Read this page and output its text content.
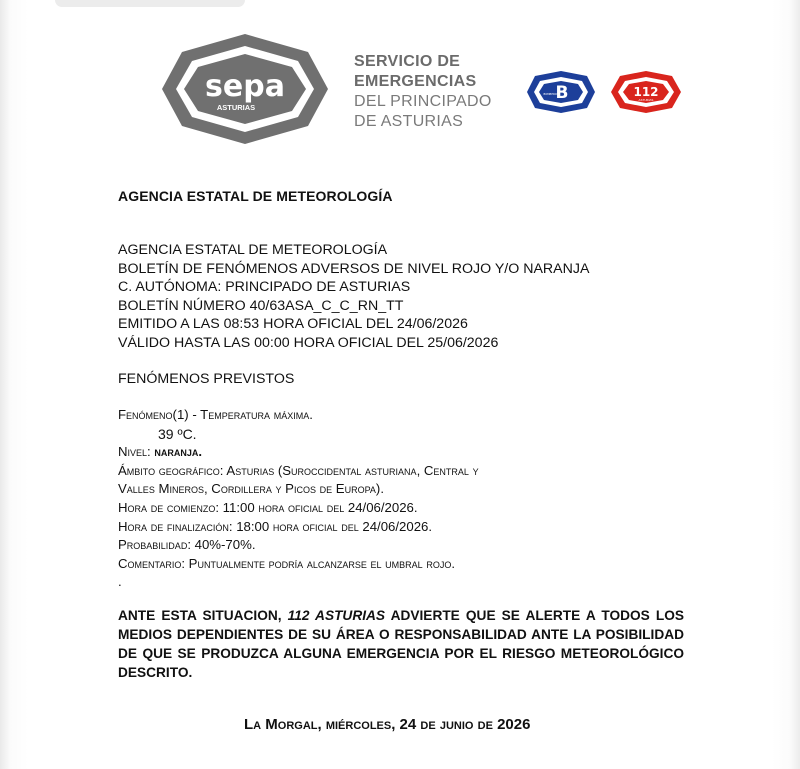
sepa
ASTURIAS
SERVICIO DE
EMERGENCIAS
DEL PRINCIPADO
DE ASTURIAS
B
BOMBEROS	112
ASTURIAS
AGENCIA ESTATAL DE METEOROLOGÍA
AGENCIA ESTATAL DE METEOROLOGÍA
BOLETÍN DE FENÓMENOS ADVERSOS DE NIVEL ROJO Y/O NARANJA
C. AUTÓNOMA: PRINCIPADO DE ASTURIAS
BOLETÍN NÚMERO 40/63ASA_C_C_RN_TT
EMITIDO A LAS 08:53 HORA OFICIAL DEL 24/06/2026
VÁLIDO HASTA LAS 00:00 HORA OFICIAL DEL 25/06/2026
FENÓMENOS PREVISTOS
Fenómeno(1) - Temperatura máxima.
39 ºC.
Nivel: naranja.
Ámbito geográfico: Asturias (Suroccidental asturiana, Central y
Valles Mineros, Cordillera y Picos de Europa).
Hora de comienzo: 11:00 hora oficial del 24/06/2026.
Hora de finalización: 18:00 hora oficial del 24/06/2026.
Probabilidad: 40%-70%.
Comentario: Puntualmente podría alcanzarse el umbral rojo.
.
ANTE ESTA SITUACION, 112 ASTURIAS ADVIERTE QUE SE ALERTE A TODOS LOS MEDIOS DEPENDIENTES DE SU ÁREA O RESPONSABILIDAD ANTE LA POSIBILIDAD DE QUE SE PRODUZCA ALGUNA EMERGENCIA POR EL RIESGO METEOROLÓGICO DESCRITO.
La Morgal, miércoles, 24 de junio de 2026
